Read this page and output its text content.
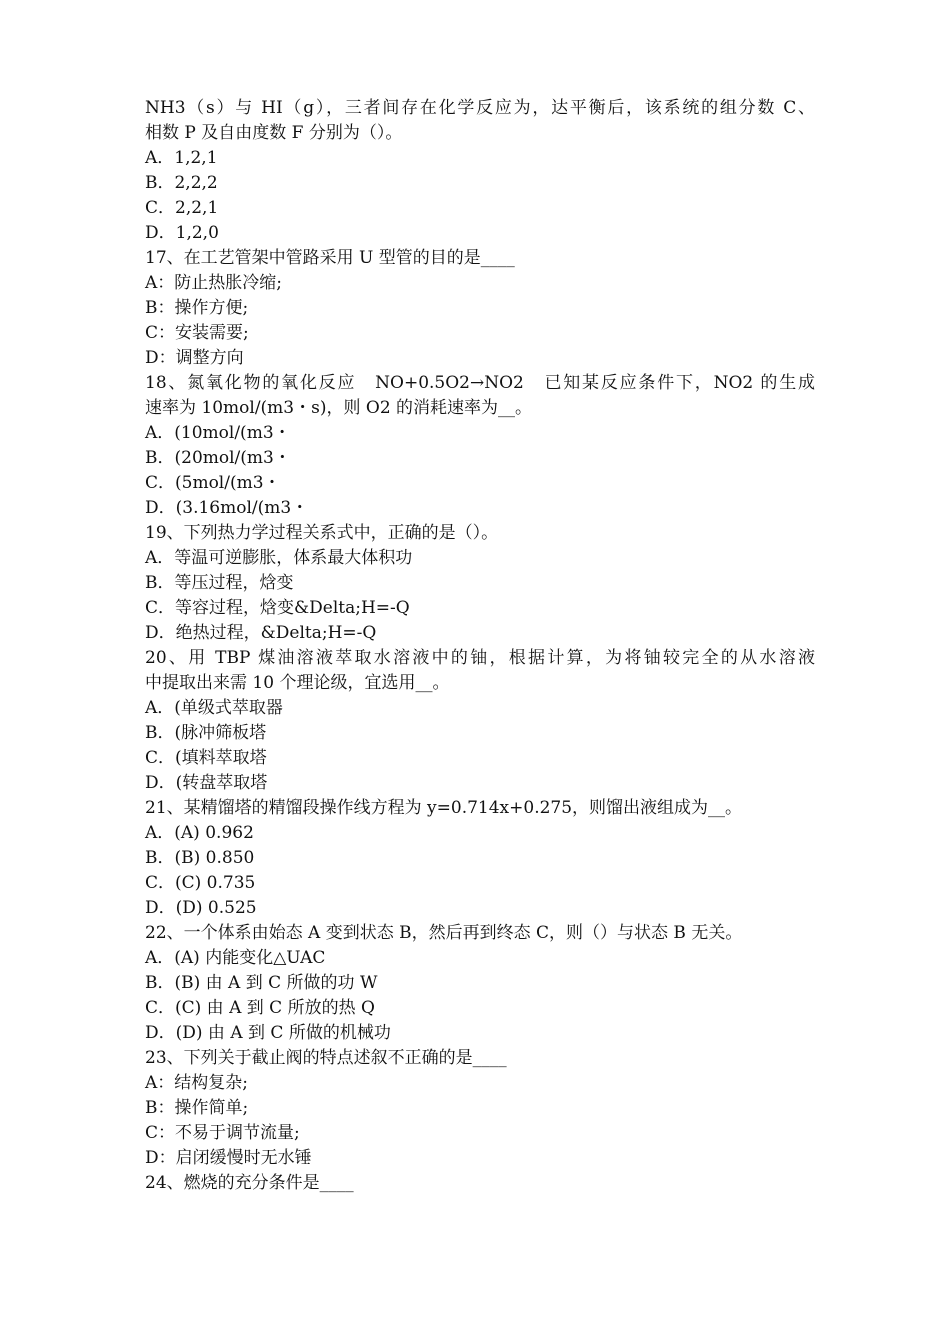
NH3（s）与 HI（g），三者间存在化学反应为，达平衡后，该系统的组分数 C、

相数 P 及自由度数 F 分别为（）。

A．1,2,1

B．2,2,2

C．2,2,1

D．1,2,0

17、在工艺管架中管路采用 U 型管的目的是____

A：防止热胀冷缩;

B：操作方便;

C：安装需要;

D：调整方向

18、氮氧化物的氧化反应　NO+0.5O2→NO2　已知某反应条件下，NO2 的生成

速率为 10mol/(m3・s)，则 O2 的消耗速率为__。

A．(10mol/(m3・

B．(20mol/(m3・

C．(5mol/(m3・

D．(3.16mol/(m3・

19、下列热力学过程关系式中，正确的是（）。

A．等温可逆膨胀，体系最大体积功

B．等压过程，焓变

C．等容过程，焓变&Delta;H=-Q

D．绝热过程，&Delta;H=-Q

20、用 TBP 煤油溶液萃取水溶液中的铀，根据计算，为将铀较完全的从水溶液

中提取出来需 10 个理论级，宜选用__。

A．(单级式萃取器

B．(脉冲筛板塔

C．(填料萃取塔

D．(转盘萃取塔

21、某精馏塔的精馏段操作线方程为 y=0.714x+0.275，则馏出液组成为__。

A．(A) 0.962

B．(B) 0.850

C．(C) 0.735

D．(D) 0.525

22、一个体系由始态 A 变到状态 B，然后再到终态 C，则（）与状态 B 无关。

A．(A) 内能变化△UAC

B．(B) 由 A 到 C 所做的功 W

C．(C) 由 A 到 C 所放的热 Q

D．(D) 由 A 到 C 所做的机械功

23、下列关于截止阀的特点述叙不正确的是____

A：结构复杂;

B：操作简单;

C：不易于调节流量;

D：启闭缓慢时无水锤

24、燃烧的充分条件是____
